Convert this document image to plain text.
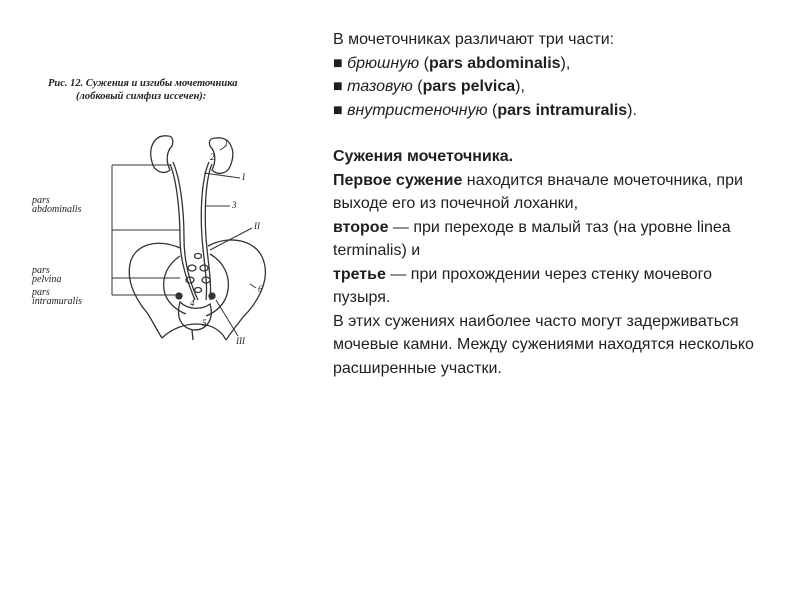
Рис. 12. Сужения и изгибы мочеточника
(лобковый симфиз иссечен):
pars
abdominalis
pars
pelvina
pars
intramuralis
1
2
I
3
II
6
4
5
III

В мочеточниках различают три части:

■ брюшную (pars abdominalis),

■ тазовую (pars pelvica),

■ внутристеночную (pars intramuralis).

Сужения мочеточника.

Первое сужение находится вначале мочеточника, при выходе его из почечной лоханки,

второе — при переходе в малый таз (на уровне linea terminalis) и

третье — при прохождении через стенку мочевого пузыря.

В этих сужениях наиболее часто могут задерживаться мочевые камни. Между сужениями находятся несколько расширенные участки.
